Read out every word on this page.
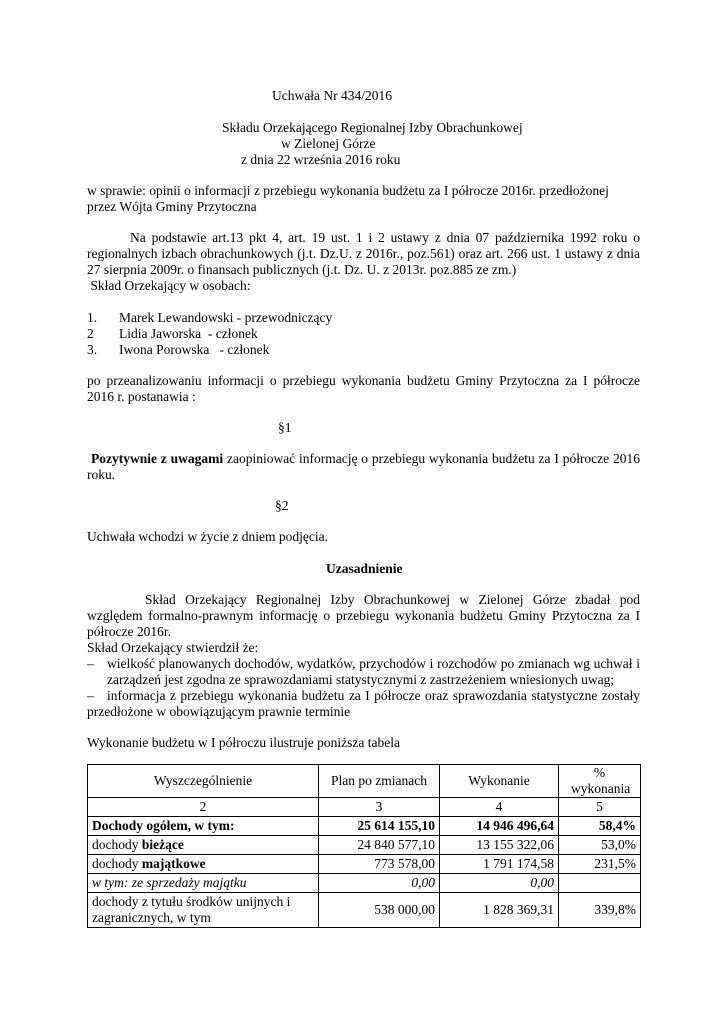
Uchwała Nr 434/2016
Składu Orzekającego Regionalnej Izby Obrachunkowej
w Zielonej Górze
z dnia 22 września 2016 roku
w sprawie: opinii o informacji z przebiegu wykonania budżetu za I półrocze 2016r. przedłożonej
przez Wójta Gminy Przytoczna
Na podstawie art.13 pkt 4, art. 19 ust. 1 i 2 ustawy z dnia 07 października 1992 roku o regionalnych izbach obrachunkowych (j.t. Dz.U. z 2016r., poz.561) oraz art. 266 ust. 1 ustawy z dnia 27 sierpnia 2009r. o finansach publicznych (j.t. Dz. U. z 2013r. poz.885 ze zm.)
Skład Orzekający w osobach:
1. Marek Lewandowski - przewodniczący
2 Lidia Jaworska  - członek
3. Iwona Porowska   - członek
po przeanalizowaniu informacji o przebiegu wykonania budżetu Gminy Przytoczna za I półrocze 2016 r. postanawia :
§1
Pozytywnie z uwagami zaopiniować informację o przebiegu wykonania budżetu za I półrocze 2016 roku.
§2
Uchwała wchodzi w życie z dniem podjęcia.
Uzasadnienie
Skład Orzekający Regionalnej Izby Obrachunkowej w Zielonej Górze zbadał pod względem formalno-prawnym informację o przebiegu wykonania budżetu Gminy Przytoczna za I półrocze 2016r.
Skład Orzekający stwierdził że:
– wielkość planowanych dochodów, wydatków, przychodów i rozchodów po zmianach wg uchwał i zarządzeń jest zgodna ze sprawozdaniami statystycznymi z zastrzeżeniem wniesionych uwag;
– informacja z przebiegu wykonania budżetu za I półrocze oraz sprawozdania statystyczne zostały przedłożone w obowiązującym prawnie terminie
Wykonanie budżetu w I półroczu ilustruje poniższa tabela
Wyszczególnienie	Plan po zmianach	Wykonanie	% wykonania
2	3	4	5
Dochody ogółem, w tym:	25 614 155,10	14 946 496,64	58,4%
dochody bieżące	24 840 577,10	13 155 322,06	53,0%
dochody majątkowe	773 578,00	1 791 174,58	231,5%
w tym: ze sprzedaży majątku	0,00	0,00	
dochody z tytułu środków unijnych i zagranicznych, w tym	538 000,00	1 828 369,31	339,8%
